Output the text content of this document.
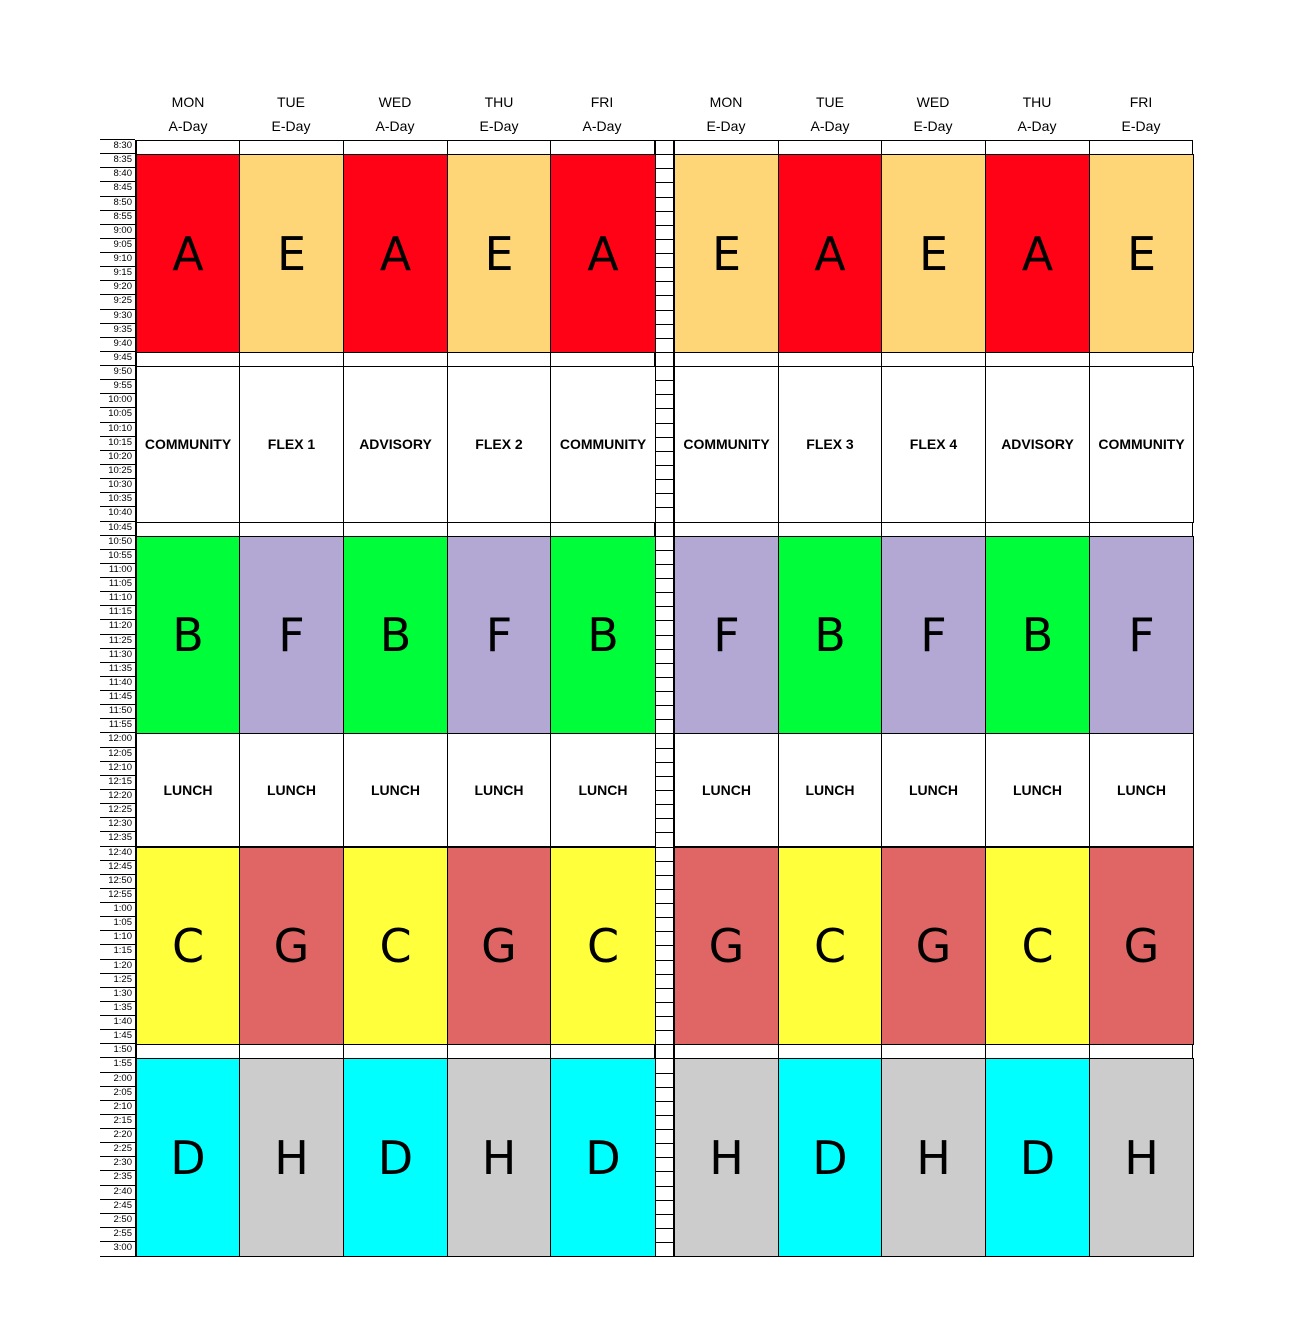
MON
A-Day
TUE
E-Day
WED
A-Day
THU
E-Day
FRI
A-Day
MON
E-Day
TUE
A-Day
WED
E-Day
THU
A-Day
FRI
E-Day
8:30
8:35
8:40
8:45
8:50
8:55
9:00
9:05
9:10
9:15
9:20
9:25
9:30
9:35
9:40
9:45
9:50
9:55
10:00
10:05
10:10
10:15
10:20
10:25
10:30
10:35
10:40
10:45
10:50
10:55
11:00
11:05
11:10
11:15
11:20
11:25
11:30
11:35
11:40
11:45
11:50
11:55
12:00
12:05
12:10
12:15
12:20
12:25
12:30
12:35
12:40
12:45
12:50
12:55
1:00
1:05
1:10
1:15
1:20
1:25
1:30
1:35
1:40
1:45
1:50
1:55
2:00
2:05
2:10
2:15
2:20
2:25
2:30
2:35
2:40
2:45
2:50
2:55
3:00
A
COMMUNITY
B
LUNCH
C
D
E
FLEX 1
F
LUNCH
G
H
A
ADVISORY
B
LUNCH
C
D
E
FLEX 2
F
LUNCH
G
H
A
COMMUNITY
B
LUNCH
C
D
E
COMMUNITY
F
LUNCH
G
H
A
FLEX 3
B
LUNCH
C
D
E
FLEX 4
F
LUNCH
G
H
A
ADVISORY
B
LUNCH
C
D
E
COMMUNITY
F
LUNCH
G
H
